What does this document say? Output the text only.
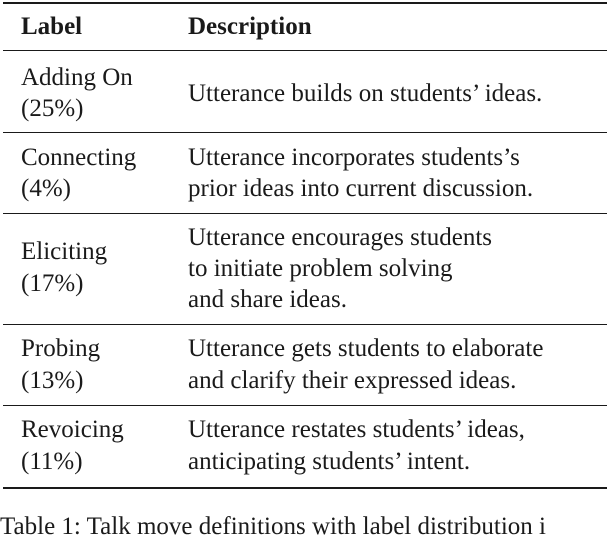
Label	Description
Adding On
(25%)
Utterance builds on students’ ideas.
Connecting
(4%)
Utterance incorporates students’s
prior ideas into current discussion.
Eliciting
(17%)
Utterance encourages students
to initiate problem solving
and share ideas.
Probing
(13%)
Utterance gets students to elaborate
and clarify their expressed ideas.
Revoicing
(11%)
Utterance restates students’ ideas,
anticipating students’ intent.
Table 1: Talk move definitions with label distribution i
